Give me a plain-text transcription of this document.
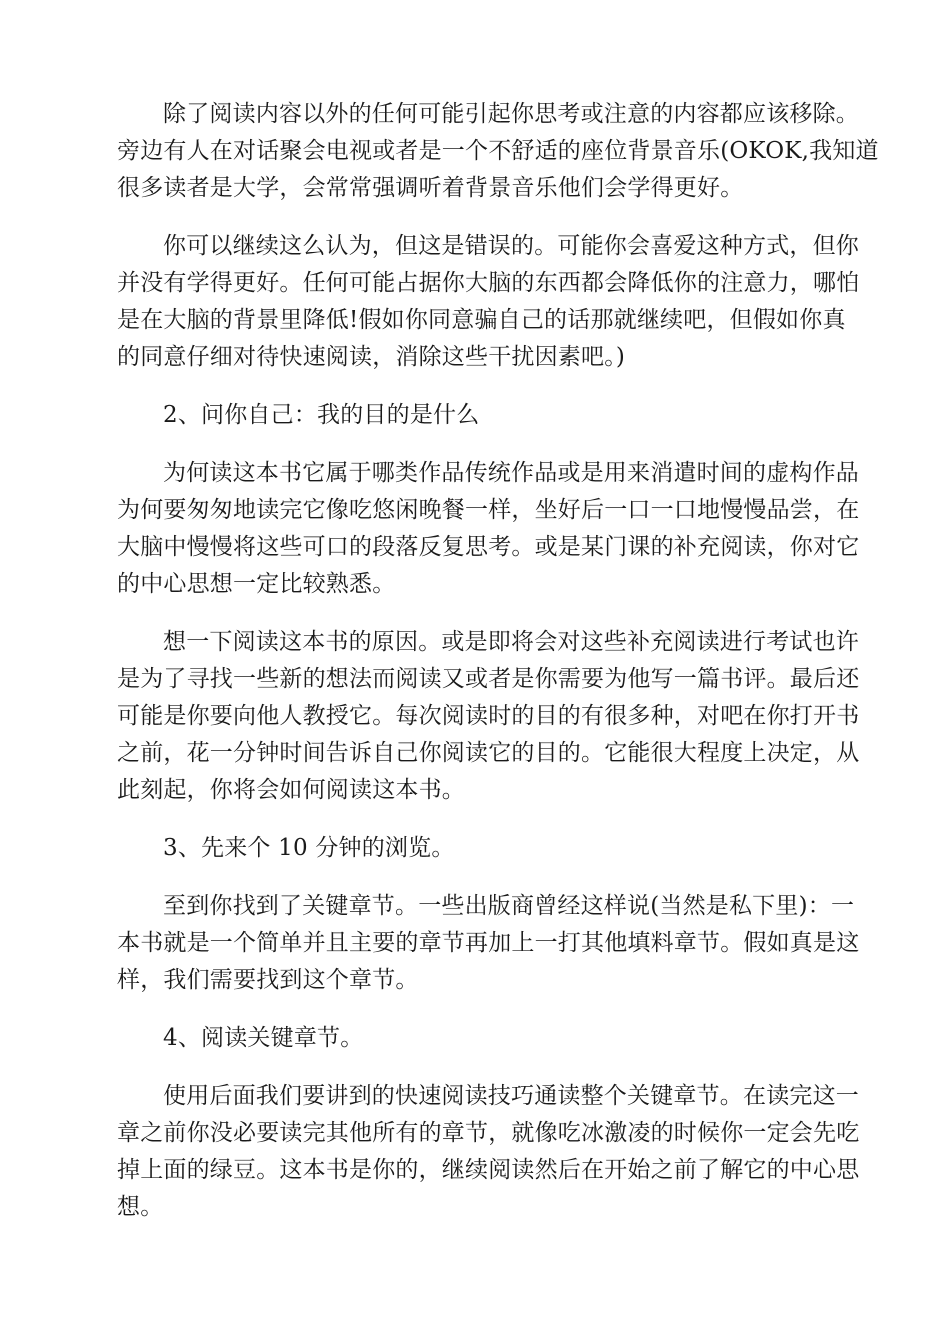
除了阅读内容以外的任何可能引起你思考或注意的内容都应该移除。
旁边有人在对话聚会电视或者是一个不舒适的座位背景音乐(OKOK,我知道
很多读者是大学，会常常强调听着背景音乐他们会学得更好。
你可以继续这么认为，但这是错误的。可能你会喜爱这种方式，但你
并没有学得更好。任何可能占据你大脑的东西都会降低你的注意力，哪怕
是在大脑的背景里降低!假如你同意骗自己的话那就继续吧，但假如你真
的同意仔细对待快速阅读，消除这些干扰因素吧。)
2、问你自己：我的目的是什么
为何读这本书它属于哪类作品传统作品或是用来消遣时间的虚构作品
为何要匆匆地读完它像吃悠闲晚餐一样，坐好后一口一口地慢慢品尝，在
大脑中慢慢将这些可口的段落反复思考。或是某门课的补充阅读，你对它
的中心思想一定比较熟悉。
想一下阅读这本书的原因。或是即将会对这些补充阅读进行考试也许
是为了寻找一些新的想法而阅读又或者是你需要为他写一篇书评。最后还
可能是你要向他人教授它。每次阅读时的目的有很多种，对吧在你打开书
之前，花一分钟时间告诉自己你阅读它的目的。它能很大程度上决定，从
此刻起，你将会如何阅读这本书。
3、先来个 10 分钟的浏览。
至到你找到了关键章节。一些出版商曾经这样说(当然是私下里)：一
本书就是一个简单并且主要的章节再加上一打其他填料章节。假如真是这
样，我们需要找到这个章节。
4、阅读关键章节。
使用后面我们要讲到的快速阅读技巧通读整个关键章节。在读完这一
章之前你没必要读完其他所有的章节，就像吃冰激凌的时候你一定会先吃
掉上面的绿豆。这本书是你的，继续阅读然后在开始之前了解它的中心思
想。
